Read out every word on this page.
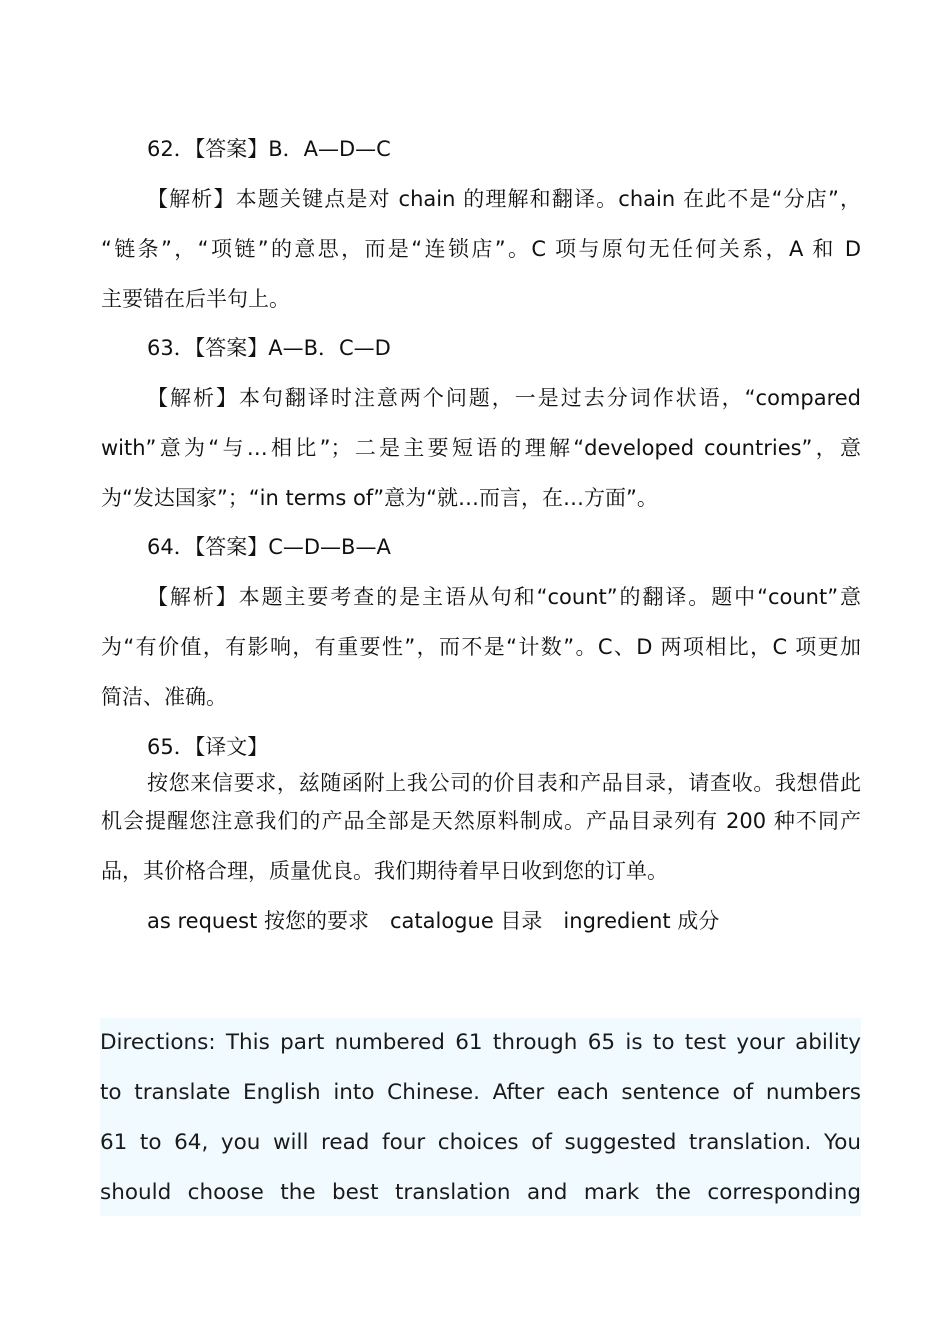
62．【答案】B．A—D—C
【解析】本题关键点是对 chain 的理解和翻译。chain 在此不是“分店”，
“链条”，“项链”的意思，而是“连锁店”。C 项与原句无任何关系，A 和 D
主要错在后半句上。
63．【答案】A—B．C—D
【解析】本句翻译时注意两个问题，一是过去分词作状语，“compared
with”意为“与…相比”；二是主要短语的理解“developed countries”，意
为“发达国家”；“in terms of”意为“就…而言，在…方面”。
64．【答案】C—D—B—A
【解析】本题主要考查的是主语从句和“count”的翻译。题中“count”意
为“有价值，有影响，有重要性”，而不是“计数”。C、D 两项相比，C 项更加
简洁、准确。
65．【译文】
按您来信要求，兹随函附上我公司的价目表和产品目录，请查收。我想借此
机会提醒您注意我们的产品全部是天然原料制成。产品目录列有 200 种不同产
品，其价格合理，质量优良。我们期待着早日收到您的订单。
as request 按您的要求　catalogue 目录　ingredient 成分
Directions: This part numbered 61 through 65 is to test your ability
to translate English into Chinese. After each sentence of numbers
61 to 64, you will read four choices of suggested translation. You
should choose the best translation and mark the corresponding
